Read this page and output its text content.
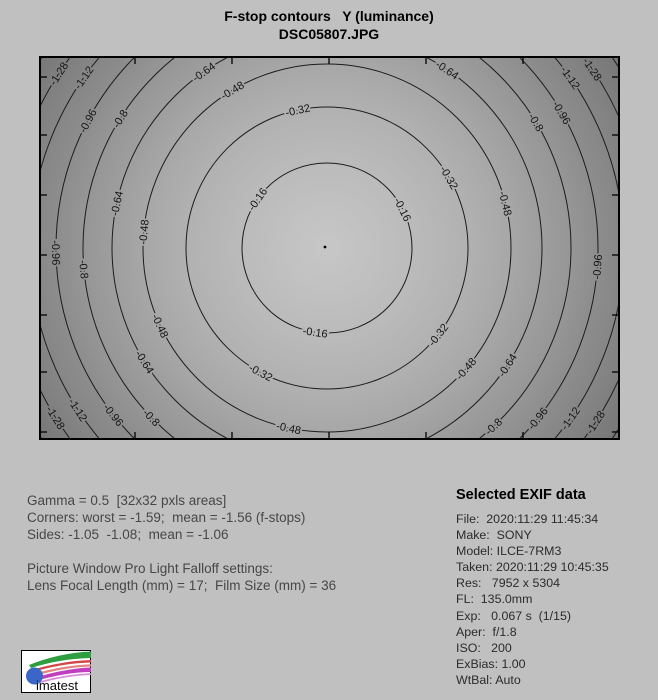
F-stop contours   Y (luminance)
DSC05807.JPG
-0.16	-0.16
-0.16
-0.32
-0.32
-0.32
-0.32
-0.48
-0.48
-0.48
-0.48
-0.48
-0.48
-0.64
-0.64
-0.64
-0.64	-0.64
-0.8
-0.8
-0.8
-0.8
-0.8
-0.96
-0.96
-0.96
-0.96
-0.96
-0.96
-1.12	-1.12
-1.12
-1.12
-1.28	-1.28
-1.28
-1.28
Gamma = 0.5  [32x32 pxls areas]
Corners: worst = -1.59;  mean = -1.56 (f-stops)
Sides: -1.05  -1.08;  mean = -1.06
Picture Window Pro Light Falloff settings:
Lens Focal Length (mm) = 17;  Film Size (mm) = 36
Selected EXIF data
File:  2020:11:29 11:45:34
Make:  SONY
Model: ILCE-7RM3
Taken: 2020:11:29 10:45:35
Res:   7952 x 5304
FL:  135.0mm
Exp:   0.067 s  (1/15)
Aper:  f/1.8
ISO:   200
ExBias: 1.00
WtBal: Auto
imatest
